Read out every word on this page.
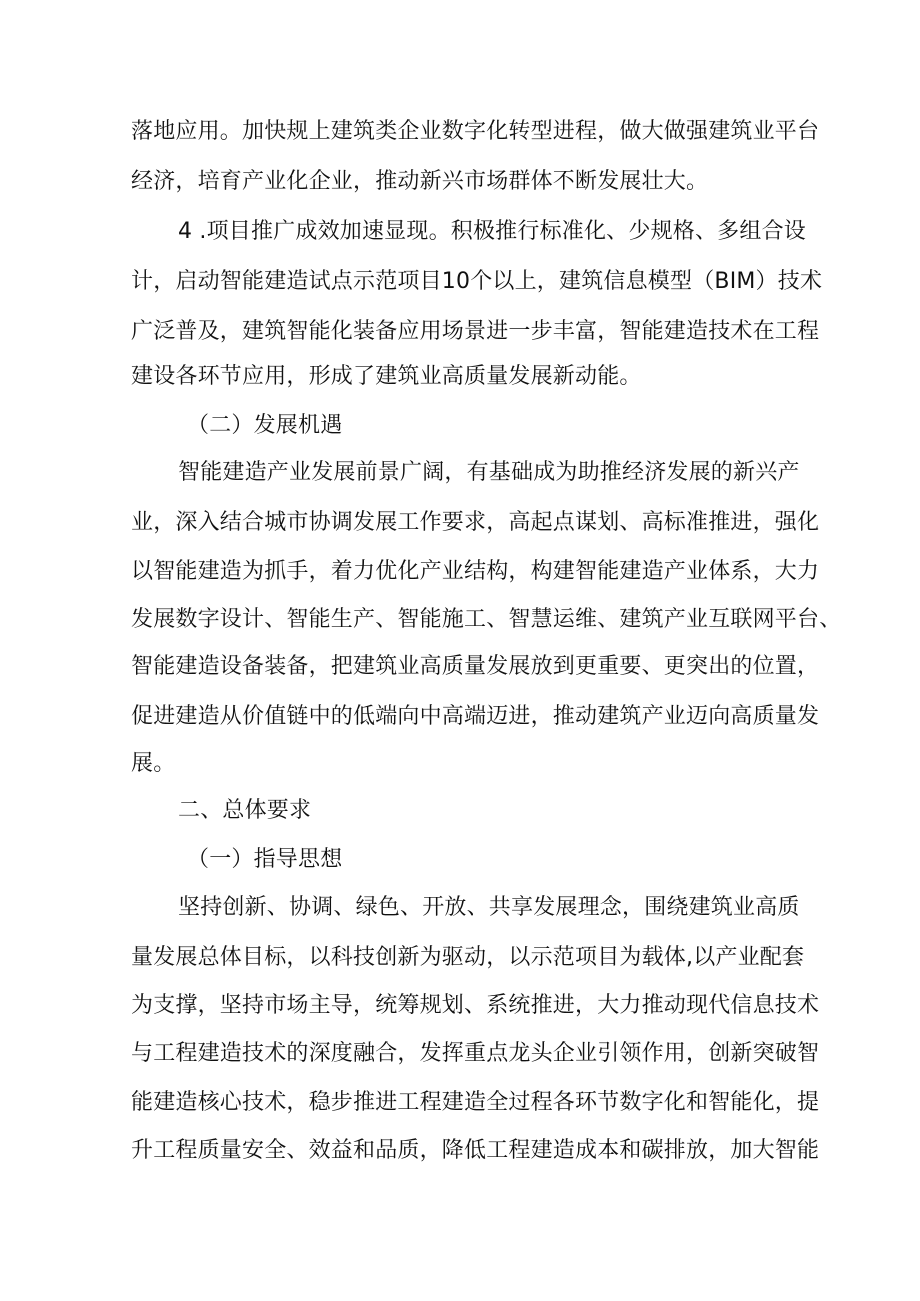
落地应用。加快规上建筑类企业数字化转型进程，做大做强建筑业平台
经济，培育产业化企业，推动新兴市场群体不断发展壮大。
4 .项目推广成效加速显现。积极推行标准化、少规格、多组合设
计，启动智能建造试点示范项目10个以上，建筑信息模型（BIM）技术
广泛普及，建筑智能化装备应用场景进一步丰富，智能建造技术在工程
建设各环节应用，形成了建筑业高质量发展新动能。
（二）发展机遇
智能建造产业发展前景广阔，有基础成为助推经济发展的新兴产
业，深入结合城市协调发展工作要求，高起点谋划、高标准推进，强化
以智能建造为抓手，着力优化产业结构，构建智能建造产业体系，大力
发展数字设计、智能生产、智能施工、智慧运维、建筑产业互联网平台、
智能建造设备装备，把建筑业高质量发展放到更重要、更突出的位置，
促进建造从价值链中的低端向中高端迈进，推动建筑产业迈向高质量发
展。
二、总体要求
（一）指导思想
坚持创新、协调、绿色、开放、共享发展理念，围绕建筑业高质
量发展总体目标，以科技创新为驱动，以示范项目为载体,以产业配套
为支撑，坚持市场主导，统筹规划、系统推进，大力推动现代信息技术
与工程建造技术的深度融合，发挥重点龙头企业引领作用，创新突破智
能建造核心技术，稳步推进工程建造全过程各环节数字化和智能化，提
升工程质量安全、效益和品质，降低工程建造成本和碳排放，加大智能
